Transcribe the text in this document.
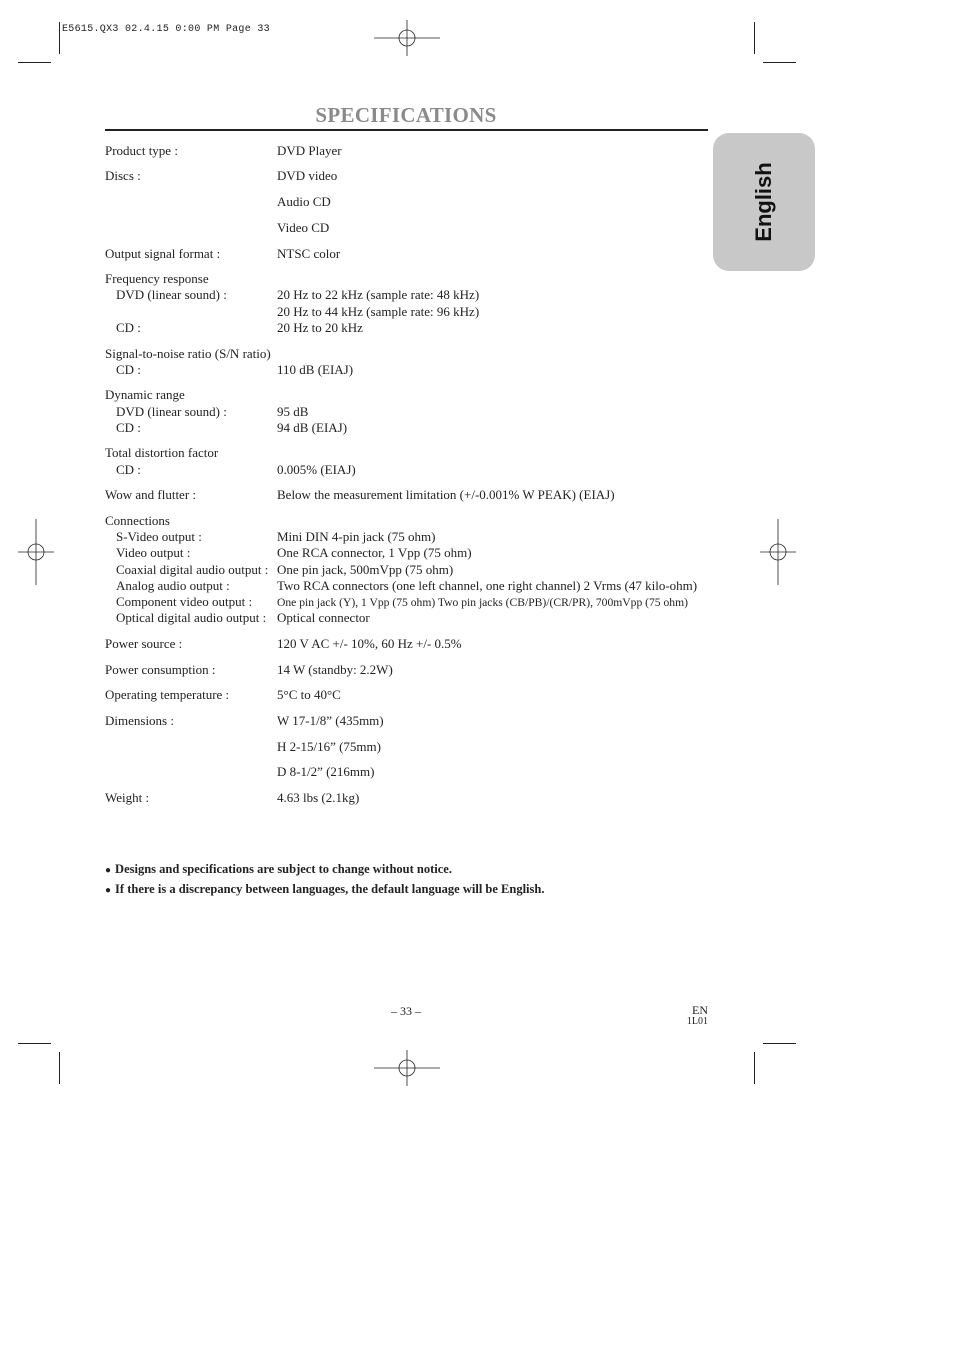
E5615.QX3 02.4.15 0:00 PM Page 33
SPECIFICATIONS
English
Product type :	DVD Player
Discs :	DVD video
Audio CD
Video CD
Output signal format :	NTSC color
Frequency response
DVD (linear sound) :	20 Hz to 22 kHz (sample rate: 48 kHz)
20 Hz to 44 kHz (sample rate: 96 kHz)
CD :	20 Hz to 20 kHz
Signal-to-noise ratio (S/N ratio)
CD :	110 dB (EIAJ)
Dynamic range
DVD (linear sound) :	95 dB
CD :	94 dB (EIAJ)
Total distortion factor
CD :	0.005% (EIAJ)
Wow and flutter :	Below the measurement limitation (+/-0.001% W PEAK) (EIAJ)
Connections
S-Video output :	Mini DIN 4-pin jack (75 ohm)
Video output :	One RCA connector, 1 Vpp (75 ohm)
Coaxial digital audio output : One pin jack, 500mVpp (75 ohm)
Analog audio output :	Two RCA connectors (one left channel, one right channel) 2 Vrms (47 kilo-ohm)
Component video output : One pin jack (Y), 1 Vpp (75 ohm) Two pin jacks (CB/PB)/(CR/PR), 700mVpp (75 ohm)
Optical digital audio output : Optical connector
Power source :	120 V AC +/- 10%, 60 Hz +/- 0.5%
Power consumption :	14 W (standby: 2.2W)
Operating temperature :	5°C to 40°C
Dimensions :	W 17-1/8” (435mm)
H 2-15/16” (75mm)
D 8-1/2” (216mm)
Weight :	4.63 lbs (2.1kg)
● Designs and specifications are subject to change without notice.
● If there is a discrepancy between languages, the default language will be English.
– 33 –	EN
1L01
